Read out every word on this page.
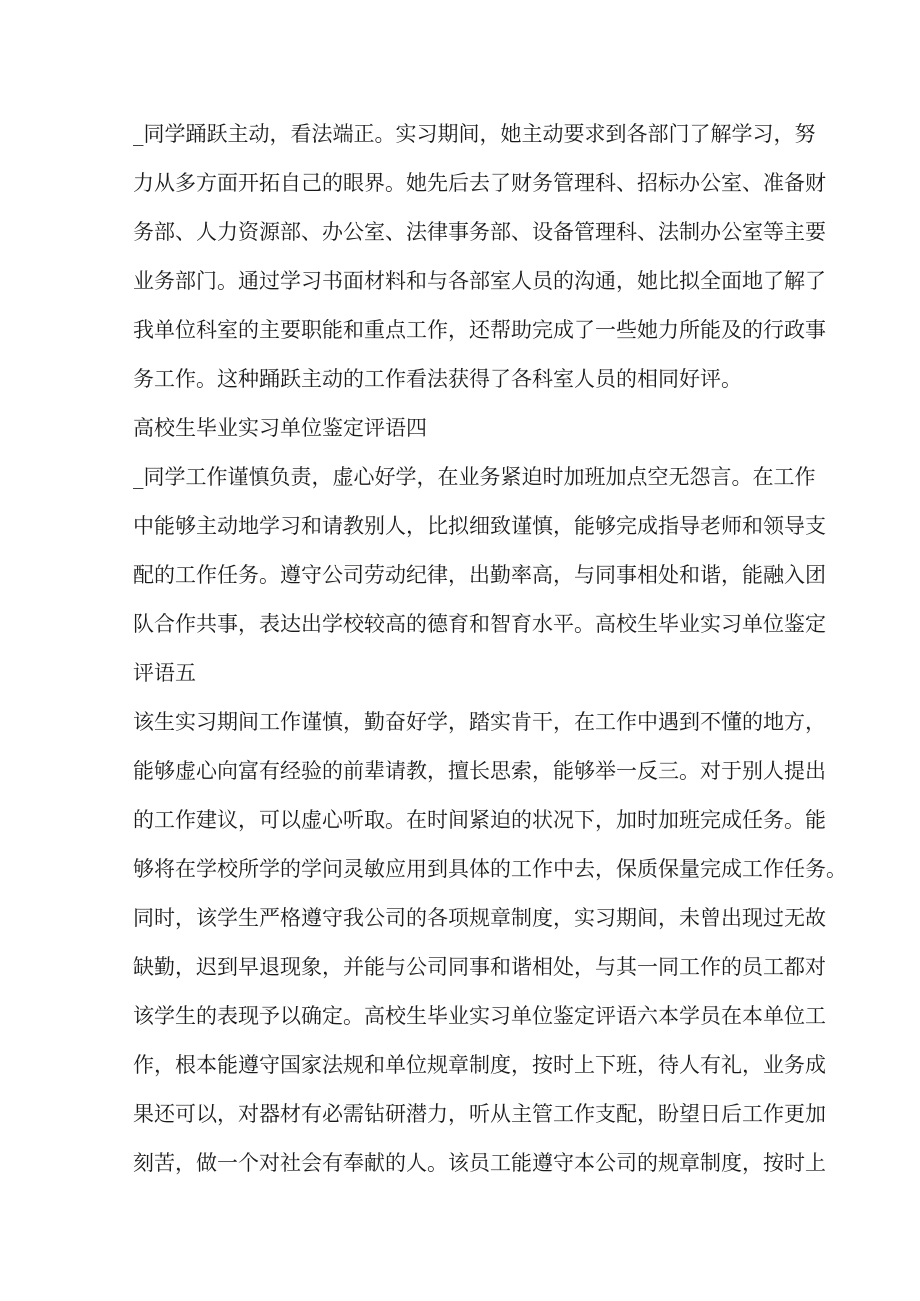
_同学踊跃主动，看法端正。实习期间，她主动要求到各部门了解学习，努
力从多方面开拓自己的眼界。她先后去了财务管理科、招标办公室、准备财
务部、人力资源部、办公室、法律事务部、设备管理科、法制办公室等主要
业务部门。通过学习书面材料和与各部室人员的沟通，她比拟全面地了解了
我单位科室的主要职能和重点工作，还帮助完成了一些她力所能及的行政事
务工作。这种踊跃主动的工作看法获得了各科室人员的相同好评。
高校生毕业实习单位鉴定评语四
_同学工作谨慎负责，虚心好学，在业务紧迫时加班加点空无怨言。在工作
中能够主动地学习和请教别人，比拟细致谨慎，能够完成指导老师和领导支
配的工作任务。遵守公司劳动纪律，出勤率高，与同事相处和谐，能融入团
队合作共事，表达出学校较高的德育和智育水平。高校生毕业实习单位鉴定
评语五
该生实习期间工作谨慎，勤奋好学，踏实肯干，在工作中遇到不懂的地方，
能够虚心向富有经验的前辈请教，擅长思索，能够举一反三。对于别人提出
的工作建议，可以虚心听取。在时间紧迫的状况下，加时加班完成任务。能
够将在学校所学的学问灵敏应用到具体的工作中去，保质保量完成工作任务。
同时，该学生严格遵守我公司的各项规章制度，实习期间，未曾出现过无故
缺勤，迟到早退现象，并能与公司同事和谐相处，与其一同工作的员工都对
该学生的表现予以确定。高校生毕业实习单位鉴定评语六本学员在本单位工
作，根本能遵守国家法规和单位规章制度，按时上下班，待人有礼，业务成
果还可以，对器材有必需钻研潜力，听从主管工作支配，盼望日后工作更加
刻苦，做一个对社会有奉献的人。该员工能遵守本公司的规章制度，按时上
